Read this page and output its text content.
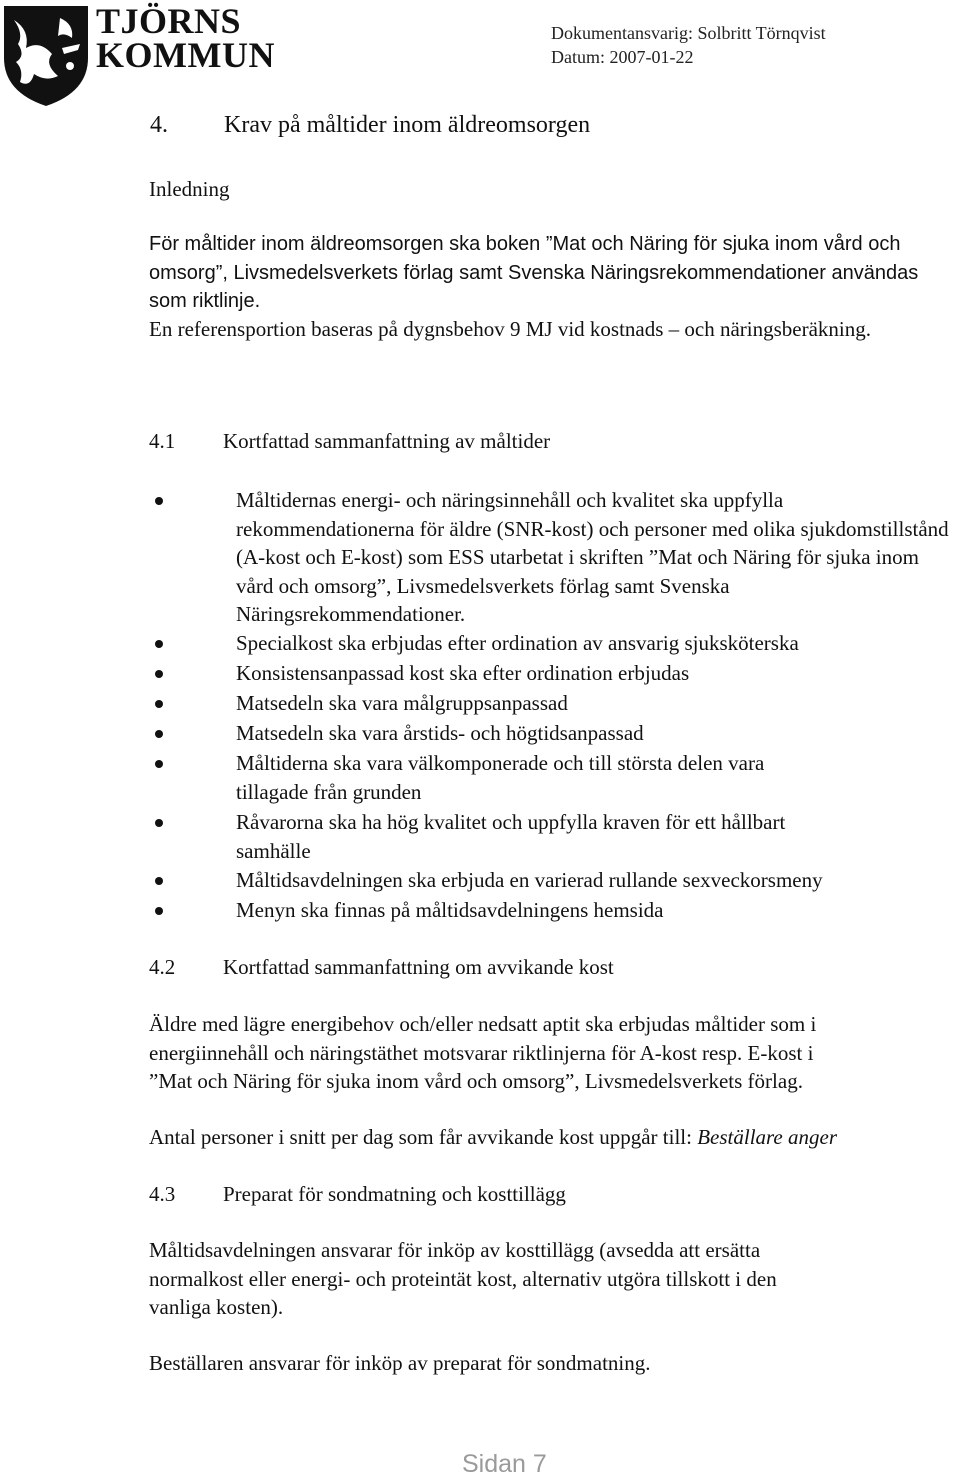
TJÖRNS
KOMMUN
Dokumentansvarig: Solbritt Törnqvist
Datum: 2007-01-22
4. Krav på måltider inom äldreomsorgen
Inledning
För måltider inom äldreomsorgen ska boken ”Mat och Näring för sjuka inom vård och omsorg”, Livsmedelsverkets förlag samt Svenska Näringsrekommendationer användas som riktlinje.
En referensportion baseras på dygnsbehov 9 MJ vid kostnads – och näringsberäkning.
4.1 Kortfattad sammanfattning av måltider
Måltidernas energi- och näringsinnehåll och kvalitet ska uppfylla rekommendationerna för äldre (SNR-kost) och personer med olika sjukdomstillstånd (A-kost och E-kost) som ESS utarbetat i skriften ”Mat och Näring för sjuka inom vård och omsorg”, Livsmedelsverkets förlag samt Svenska Näringsrekommendationer.
Specialkost ska erbjudas efter ordination av ansvarig sjuksköterska
Konsistensanpassad kost ska efter ordination erbjudas
Matsedeln ska vara målgruppsanpassad
Matsedeln ska vara årstids- och högtidsanpassad
Måltiderna ska vara välkomponerade och till största delen vara tillagade från grunden
Råvarorna ska ha hög kvalitet och uppfylla kraven för ett hållbart samhälle
Måltidsavdelningen ska erbjuda en varierad rullande sexveckorsmeny
Menyn ska finnas på måltidsavdelningens hemsida
4.2 Kortfattad sammanfattning om avvikande kost
Äldre med lägre energibehov och/eller nedsatt aptit ska erbjudas måltider som i energiinnehåll och näringstäthet motsvarar riktlinjerna för A-kost resp. E-kost i ”Mat och Näring för sjuka inom vård och omsorg”, Livsmedelsverkets förlag.
Antal personer i snitt per dag som får avvikande kost uppgår till: Beställare anger
4.3 Preparat för sondmatning och kosttillägg
Måltidsavdelningen ansvarar för inköp av kosttillägg (avsedda att ersätta normalkost eller energi- och proteintät kost, alternativ utgöra tillskott i den vanliga kosten).
Beställaren ansvarar för inköp av preparat för sondmatning.
Sidan 7
